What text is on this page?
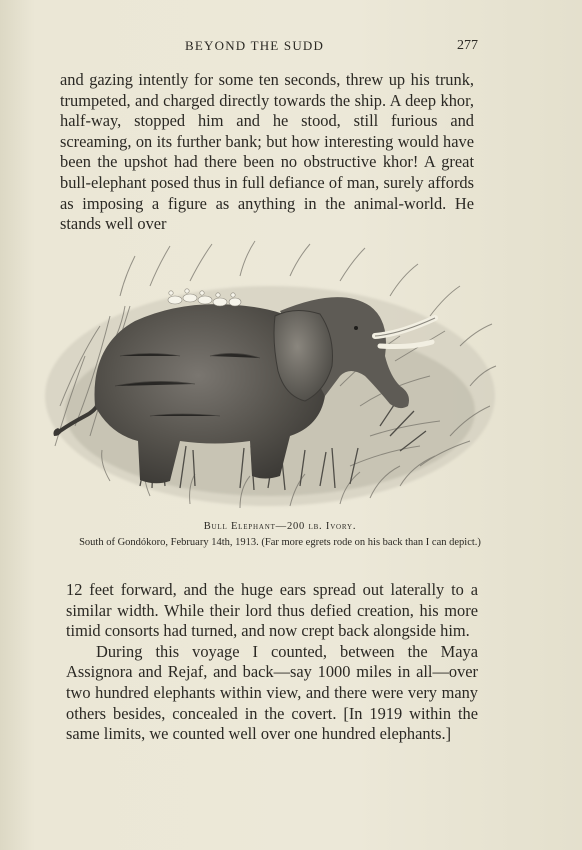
BEYOND THE SUDD	277

and gazing intently for some ten seconds, threw up his trunk, trumpeted, and charged directly towards the ship. A deep khor, half-way, stopped him and he stood, still furious and screaming, on its further bank; but how interesting would have been the upshot had there been no obstructive khor! A great bull-elephant posed thus in full defiance of man, surely affords as imposing a figure as anything in the animal-world. He stands well over

Bull Elephant—200 lb. Ivory.
South of Gondókoro, February 14th, 1913. (Far more egrets rode on his back than I can depict.)

12 feet forward, and the huge ears spread out laterally to a similar width. While their lord thus defied creation, his more timid consorts had turned, and now crept back alongside him.

During this voyage I counted, between the Maya Assignora and Rejaf, and back—say 1000 miles in all—over two hundred elephants within view, and there were very many others besides, concealed in the covert. [In 1919 within the same limits, we counted well over one hundred elephants.]
